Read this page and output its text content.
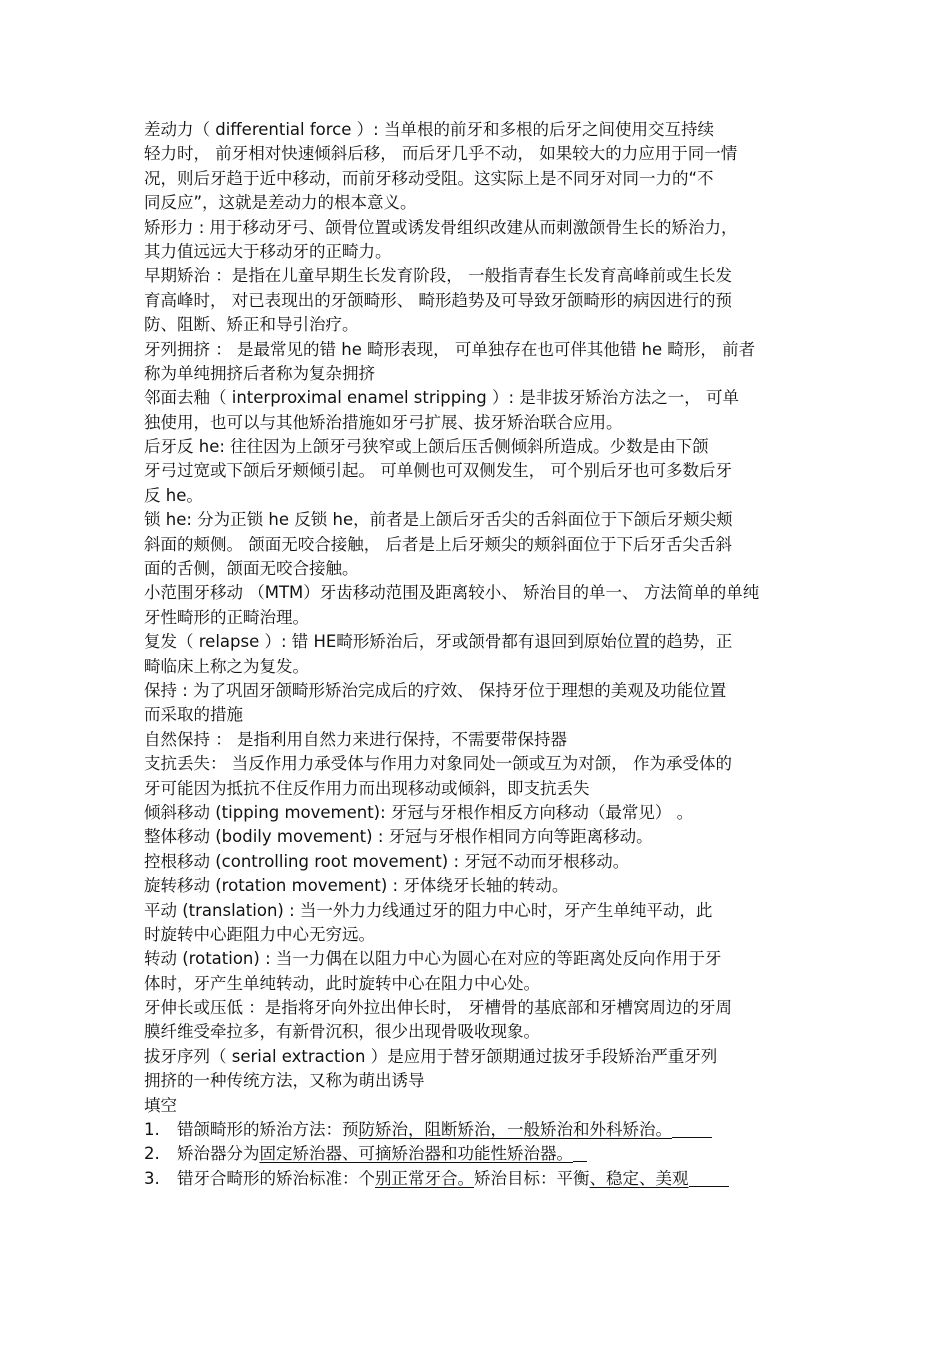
差动力（ differential force ）: 当单根的前牙和多根的后牙之间使用交互持续
轻力时， 前牙相对快速倾斜后移， 而后牙几乎不动， 如果较大的力应用于同一情
况，则后牙趋于近中移动，而前牙移动受阻。这实际上是不同牙对同一力的“不
同反应”，这就是差动力的根本意义。
矫形力 : 用于移动牙弓、颌骨位置或诱发骨组织改建从而刺激颌骨生长的矫治力，
其力值远远大于移动牙的正畸力。
早期矫治 ：是指在儿童早期生长发育阶段， 一般指青春生长发育高峰前或生长发
育高峰时， 对已表现出的牙颌畸形、 畸形趋势及可导致牙颌畸形的病因进行的预
防、阻断、矫正和导引治疗。
牙列拥挤 ： 是最常见的错 he 畸形表现， 可单独存在也可伴其他错 he 畸形， 前者
称为单纯拥挤后者称为复杂拥挤
邻面去釉（ interproximal enamel stripping ）: 是非拔牙矫治方法之一， 可单
独使用，也可以与其他矫治措施如牙弓扩展、拔牙矫治联合应用。
后牙反 he: 往往因为上颌牙弓狭窄或上颌后压舌侧倾斜所造成。少数是由下颌
牙弓过宽或下颌后牙颊倾引起。 可单侧也可双侧发生， 可个别后牙也可多数后牙
反 he。
锁 he: 分为正锁 he 反锁 he，前者是上颌后牙舌尖的舌斜面位于下颌后牙颊尖颊
斜面的颊侧。 颌面无咬合接触， 后者是上后牙颊尖的颊斜面位于下后牙舌尖舌斜
面的舌侧，颌面无咬合接触。
小范围牙移动 （MTM）牙齿移动范围及距离较小、 矫治目的单一、 方法简单的单纯
牙性畸形的正畸治理。
复发（ relapse ）: 错 HE畸形矫治后，牙或颌骨都有退回到原始位置的趋势，正
畸临床上称之为复发。
保持 : 为了巩固牙颌畸形矫治完成后的疗效、 保持牙位于理想的美观及功能位置
而采取的措施
自然保持 ： 是指利用自然力来进行保持，不需要带保持器
支抗丢失： 当反作用力承受体与作用力对象同处一颌或互为对颌， 作为承受体的
牙可能因为抵抗不住反作用力而出现移动或倾斜，即支抗丢失
倾斜移动 (tipping movement): 牙冠与牙根作相反方向移动（最常见） 。
整体移动 (bodily movement) : 牙冠与牙根作相同方向等距离移动。
控根移动 (controlling root movement) : 牙冠不动而牙根移动。
旋转移动 (rotation movement) : 牙体绕牙长轴的转动。
平动 (translation) : 当一外力力线通过牙的阻力中心时，牙产生单纯平动，此
时旋转中心距阻力中心无穷远。
转动 (rotation) : 当一力偶在以阻力中心为圆心在对应的等距离处反向作用于牙
体时，牙产生单纯转动，此时旋转中心在阻力中心处。
牙伸长或压低 ：是指将牙向外拉出伸长时， 牙槽骨的基底部和牙槽窝周边的牙周
膜纤维受牵拉多，有新骨沉积，很少出现骨吸收现象。
拔牙序列（ serial extraction ）是应用于替牙颌期通过拔牙手段矫治严重牙列
拥挤的一种传统方法，又称为萌出诱导
填空
1. 错颌畸形的矫治方法：预防矫治，阻断矫治，一般矫治和外科矫治。
2. 矫治器分为固定矫治器、可摘矫治器和功能性矫治器。
3. 错牙合畸形的矫治标准：个别正常牙合。矫治目标：平衡、稳定、美观
